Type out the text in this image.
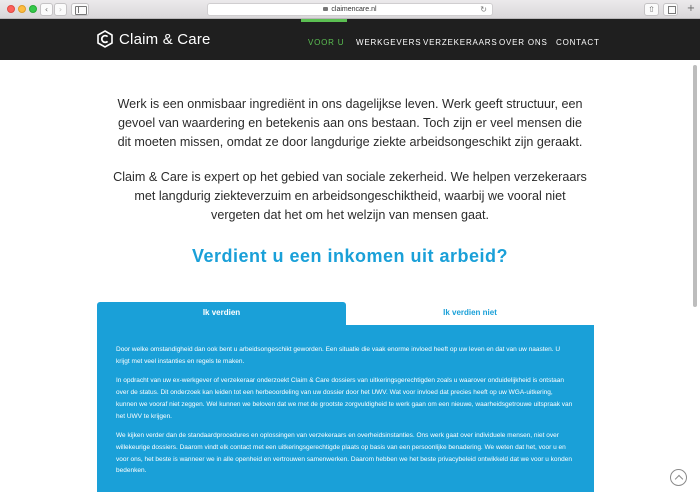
‹	›	claimencare.nl	↻	⇧	+
Claim & Care	VOOR U WERKGEVERS VERZEKERAARS OVER ONS CONTACT

Werk is een onmisbaar ingrediënt in ons dagelijkse leven. Werk geeft structuur, een gevoel van waardering en betekenis aan ons bestaan. Toch zijn er veel mensen die dit moeten missen, omdat ze door langdurige ziekte arbeidsongeschikt zijn geraakt.

Claim & Care is expert op het gebied van sociale zekerheid. We helpen verzekeraars met langdurig ziekteverzuim en arbeidsongeschiktheid, waarbij we vooral niet vergeten dat het om het welzijn van mensen gaat.

Verdient u een inkomen uit arbeid?
Ik verdien	Ik verdien niet

Door welke omstandigheid dan ook bent u arbeidsongeschikt geworden. Een situatie die vaak enorme invloed heeft op uw leven en dat van uw naasten. U krijgt met veel instanties en regels te maken.

In opdracht van uw ex-werkgever of verzekeraar onderzoekt Claim & Care dossiers van uitkeringsgerechtigden zoals u waarover onduidelijkheid is ontstaan over de status. Dit onderzoek kan leiden tot een herbeoordeling van uw dossier door het UWV. Wat voor invloed dat precies heeft op uw WGA-uitkering, kunnen we vooraf niet zeggen. Wel kunnen we beloven dat we met de grootste zorgvuldigheid te werk gaan om een nieuwe, waarheidsgetrouwe uitspraak van het UWV te krijgen.

We kijken verder dan de standaardprocedures en oplossingen van verzekeraars en overheidsinstanties. Ons werk gaat over individuele mensen, niet over willekeurige dossiers. Daarom vindt elk contact met een uitkeringsgerechtigde plaats op basis van een persoonlijke benadering. We weten dat het, voor u en voor ons, het beste is wanneer we in alle openheid en vertrouwen samenwerken. Daarom hebben we het beste privacybeleid ontwikkeld dat we voor u konden bedenken.
